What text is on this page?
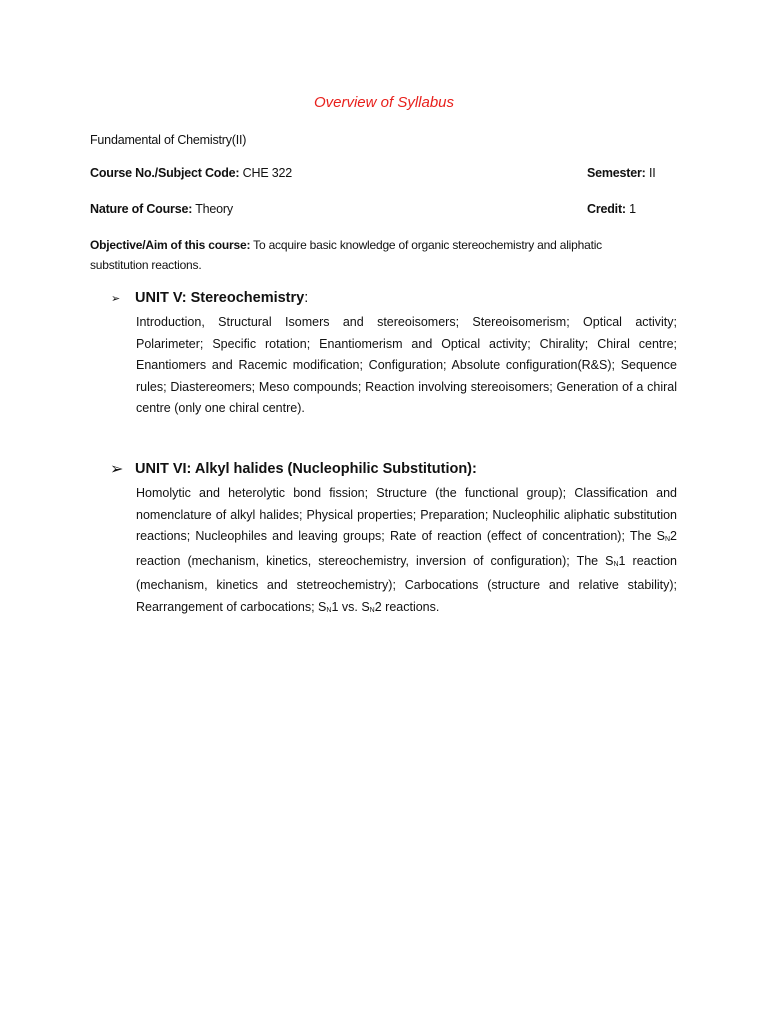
Overview of Syllabus
Fundamental of Chemistry(II)
Course No./Subject Code: CHE 322	Semester: II
Nature of Course: Theory	Credit: 1
Objective/Aim of this course: To acquire basic knowledge of organic stereochemistry and aliphatic substitution reactions.
➢ UNIT V: Stereochemistry:
Introduction, Structural Isomers and stereoisomers; Stereoisomerism; Optical activity; Polarimeter; Specific rotation; Enantiomerism and Optical activity; Chirality; Chiral centre; Enantiomers and Racemic modification; Configuration; Absolute configuration(R&S); Sequence rules; Diastereomers; Meso compounds; Reaction involving stereoisomers; Generation of a chiral centre (only one chiral centre).
➢ UNIT VI: Alkyl halides (Nucleophilic Substitution):
Homolytic and heterolytic bond fission; Structure (the functional group); Classification and nomenclature of alkyl halides; Physical properties; Preparation; Nucleophilic aliphatic substitution reactions; Nucleophiles and leaving groups; Rate of reaction (effect of concentration); The $S_N2$ reaction (mechanism, kinetics, stereochemistry, inversion of configuration); The $S_N1$ reaction (mechanism, kinetics and stetreochemistry); Carbocations (structure and relative stability); Rearrangement of carbocations; $S_N1$ vs. $S_N2$ reactions.
